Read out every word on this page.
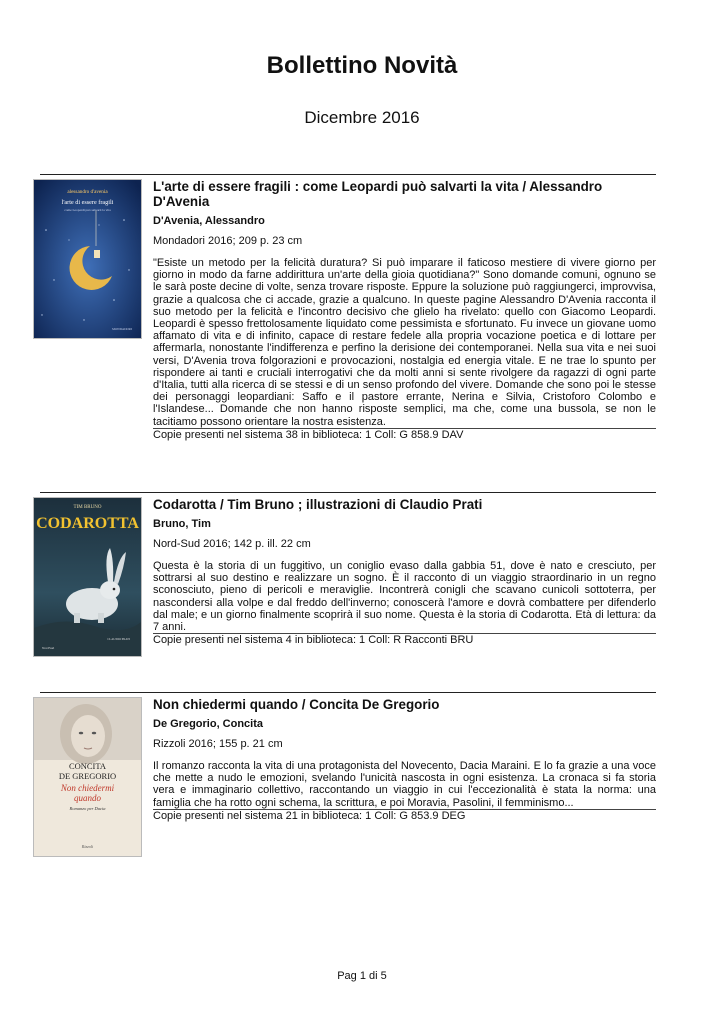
Bollettino Novità
Dicembre 2016
alessandro d'avenia
l'arte di essere fragili
come Leopardi può salvarti la vita
MONDADORI
L'arte di essere fragili : come Leopardi può salvarti la vita / Alessandro D'Avenia
D'Avenia, Alessandro
Mondadori 2016; 209 p. 23 cm
"Esiste un metodo per la felicità duratura? Si può imparare il faticoso mestiere di vivere giorno per giorno in modo da farne addirittura un'arte della gioia quotidiana?" Sono domande comuni, ognuno se le sarà poste decine di volte, senza trovare risposte. Eppure la soluzione può raggiungerci, improvvisa, grazie a qualcosa che ci accade, grazie a qualcuno. In queste pagine Alessandro D'Avenia racconta il suo metodo per la felicità e l'incontro decisivo che glielo ha rivelato: quello con Giacomo Leopardi. Leopardi è spesso frettolosamente liquidato come pessimista e sfortunato. Fu invece un giovane uomo affamato di vita e di infinito, capace di restare fedele alla propria vocazione poetica e di lottare per affermarla, nonostante l'indifferenza e perfino la derisione dei contemporanei. Nella sua vita e nei suoi versi, D'Avenia trova folgorazioni e provocazioni, nostalgia ed energia vitale. E ne trae lo spunto per rispondere ai tanti e cruciali interrogativi che da molti anni si sente rivolgere da ragazzi di ogni parte d'Italia, tutti alla ricerca di se stessi e di un senso profondo del vivere. Domande che sono poi le stesse dei personaggi leopardiani: Saffo e il pastore errante, Nerina e Silvia, Cristoforo Colombo e l'Islandese... Domande che non hanno risposte semplici, ma che, come una bussola, se non le tacitiamo possono orientare la nostra esistenza.
Copie presenti nel sistema 38 in biblioteca: 1 Coll: G 858.9 DAV
TIM BRUNO
CODAROTTA
CLAUDIO PRATI
NordSud
Codarotta / Tim Bruno ; illustrazioni di Claudio Prati
Bruno, Tim
Nord-Sud 2016; 142 p. ill. 22 cm
Questa è la storia di un fuggitivo, un coniglio evaso dalla gabbia 51, dove è nato e cresciuto, per sottrarsi al suo destino e realizzare un sogno. È il racconto di un viaggio straordinario in un regno sconosciuto, pieno di pericoli e meraviglie. Incontrerà conigli che scavano cunicoli sottoterra, per nascondersi alla volpe e dal freddo dell'inverno; conoscerà l'amore e dovrà combattere per difenderlo dal male; e un giorno finalmente scoprirà il suo nome. Questa è la storia di Codarotta. Età di lettura: da 7 anni.
Copie presenti nel sistema 4 in biblioteca: 1 Coll: R Racconti BRU
CONCITA
DE GREGORIO
Non chiedermi
quando
Romanzo per Dacia
Rizzoli
Non chiedermi quando / Concita De Gregorio
De Gregorio, Concita
Rizzoli 2016; 155 p. 21 cm
Il romanzo racconta la vita di una protagonista del Novecento, Dacia Maraini. E lo fa grazie a una voce che mette a nudo le emozioni, svelando l'unicità nascosta in ogni esistenza. La cronaca si fa storia vera e immaginario collettivo, raccontando un viaggio in cui l'eccezionalità è stata la norma: una famiglia che ha rotto ogni schema, la scrittura, e poi Moravia, Pasolini, il femminismo...
Copie presenti nel sistema 21 in biblioteca: 1 Coll: G 853.9 DEG
Pag 1 di 5
